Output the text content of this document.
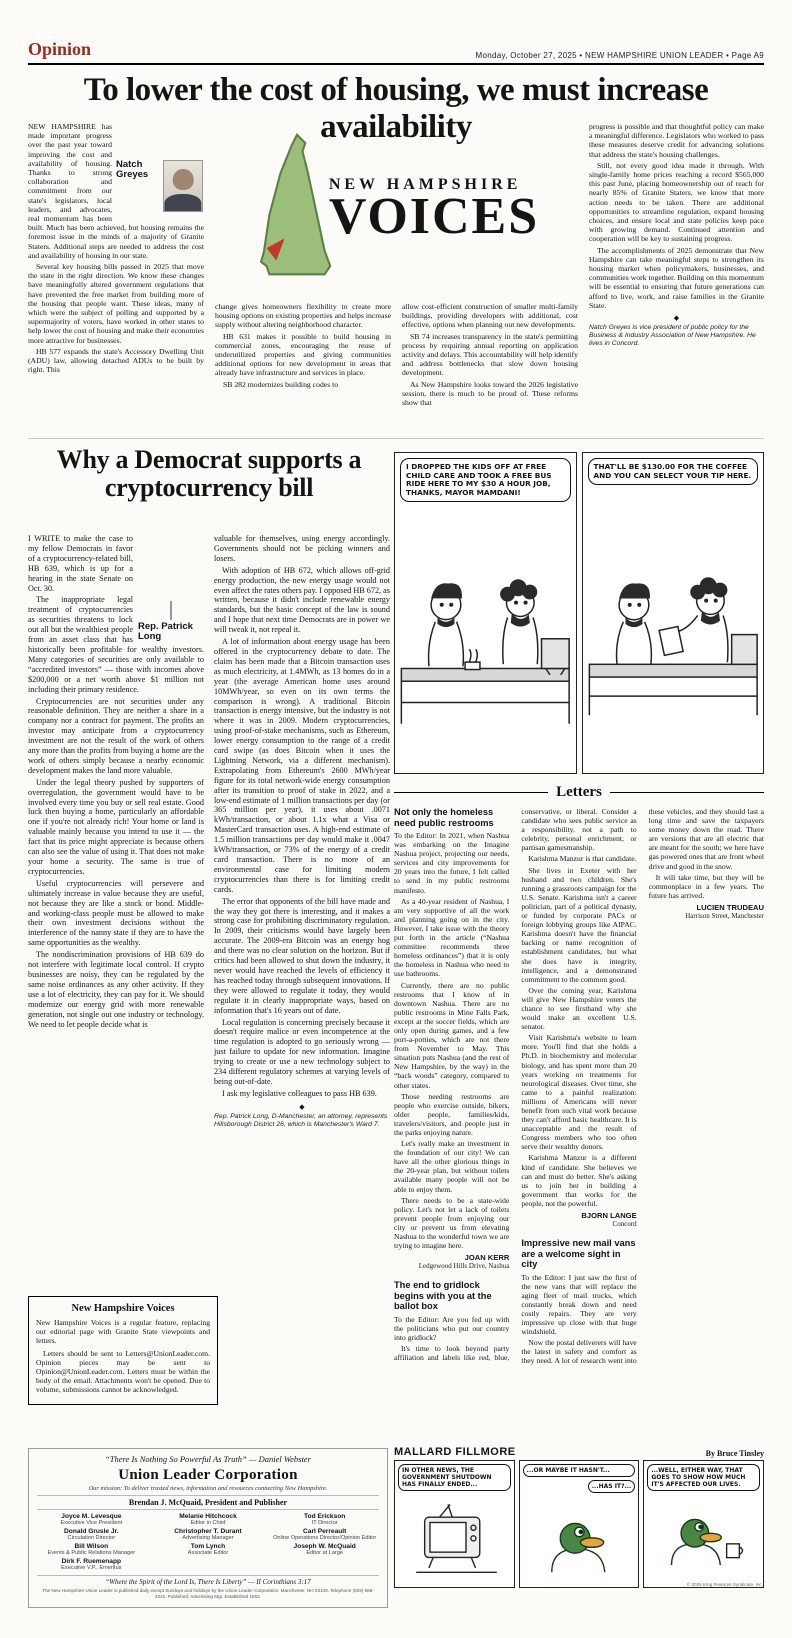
Opinion	Monday, October 27, 2025 • NEW HAMPSHIRE UNION LEADER • Page A9
To lower the cost of housing, we must increase availability
Natch Greyes

NEW HAMPSHIRE has made important progress over the past year toward improving the cost and availability of housing. Thanks to strong collaboration and commitment from our state's legislators, local leaders, and advocates, real momentum has been built. Much has been achieved, but housing remains the foremost issue in the minds of a majority of Granite Staters. Additional steps are needed to address the cost and availability of housing in our state.

Several key housing bills passed in 2025 that move the state in the right direction. We know these changes have meaningfully altered government regulations that have prevented the free market from building more of the housing that people want. These ideas, many of which were the subject of polling and supported by a supermajority of voters, have worked in other states to help lower the cost of housing and make their economies more attractive for businesses.

HB 577 expands the state's Accessory Dwelling Unit (ADU) law, allowing detached ADUs to be built by right. This

NEW HAMPSHIRE
VOICES

change gives homeowners flexibility to create more housing options on existing properties and helps increase supply without altering neighborhood character.

HB 631 makes it possible to build housing in commercial zones, encouraging the reuse of underutilized properties and giving communities additional options for new development in areas that already have infrastructure and services in place.

SB 282 modernizes building codes to

allow cost-efficient construction of smaller multi-family buildings, providing developers with additional, cost effective, options when planning out new developments.

SB 74 increases transparency in the state's permitting process by requiring annual reporting on application activity and delays. This accountability will help identify and address bottlenecks that slow down housing development.

As New Hampshire looks toward the 2026 legislative session, there is much to be proud of. These reforms show that

progress is possible and that thoughtful policy can make a meaningful difference. Legislators who worked to pass these measures deserve credit for advancing solutions that address the state's housing challenges.

Still, not every good idea made it through. With single-family home prices reaching a record $565,000 this past June, placing homeownership out of reach for nearly 85% of Granite Staters, we know that more action needs to be taken. There are additional opportunities to streamline regulation, expand housing choices, and ensure local and state policies keep pace with growing demand. Continued attention and cooperation will be key to sustaining progress.

The accomplishments of 2025 demonstrate that New Hampshire can take meaningful steps to strengthen its housing market when policymakers, businesses, and communities work together. Building on this momentum will be essential to ensuring that future generations can afford to live, work, and raise families in the Granite State.

◆
Natch Greyes is vice president of public policy for the Business & Industry Association of New Hampshire. He lives in Concord.
Why a Democrat supports a cryptocurrency bill
Rep. Patrick Long

I WRITE to make the case to my fellow Democrats in favor of a cryptocurrency-related bill, HB 639, which is up for a hearing in the state Senate on Oct. 30.

The inappropriate legal treatment of cryptocurrencies as securities threatens to lock out all but the wealthiest people from an asset class that has historically been profitable for wealthy investors. Many categories of securities are only available to “accredited investors” — those with incomes above $200,000 or a net worth above $1 million not including their primary residence.

Cryptocurrencies are not securities under any reasonable definition. They are neither a share in a company nor a contract for payment. The profits an investor may anticipate from a cryptocurrency investment are not the result of the work of others any more than the profits from buying a home are the work of others simply because a nearby economic development makes the land more valuable.

Under the legal theory pushed by supporters of overregulation, the government would have to be involved every time you buy or sell real estate. Good luck then buying a home, particularly an affordable one if you're not already rich! Your home or land is valuable mainly because you intend to use it — the fact that its price might appreciate is because others can also see the value of using it. That does not make your home a security. The same is true of cryptocurrencies.

Useful cryptocurrencies will persevere and ultimately increase in value because they are useful, not because they are like a stock or bond. Middle- and working-class people must be allowed to make their own investment decisions without the interference of the nanny state if they are to have the same opportunities as the wealthy.

The nondiscrimination provisions of HB 639 do not interfere with legitimate local control. If crypto businesses are noisy, they can be regulated by the same noise ordinances as any other activity. If they use a lot of electricity, they can pay for it. We should modernize our energy grid with more renewable generation, not single out one industry or technology. We need to let people decide what is

valuable for themselves, using energy accordingly. Governments should not be picking winners and losers.

With adoption of HB 672, which allows off-grid energy production, the new energy usage would not even affect the rates others pay. I opposed HB 672, as written, because it didn't include renewable energy standards, but the basic concept of the law is sound and I hope that next time Democrats are in power we will tweak it, not repeal it.

A lot of information about energy usage has been offered in the cryptocurrency debate to date. The claim has been made that a Bitcoin transaction uses as much electricity, at 1.4MWh, as 13 homes do in a year (the average American home uses around 10MWh/year, so even on its own terms the comparison is wrong). A traditional Bitcoin transaction is energy intensive, but the industry is not where it was in 2009. Modern cryptocurrencies, using proof-of-stake mechanisms, such as Ethereum, lower energy consumption to the range of a credit card swipe (as does Bitcoin when it uses the Lightning Network, via a different mechanism). Extrapolating from Ethereum's 2600 MWh/year figure for its total network-wide energy consumption after its transition to proof of stake in 2022, and a low-end estimate of 1 million transactions per day (or 365 million per year), it uses about .0071 kWh/transaction, or about 1.1x what a Visa or MasterCard transaction uses. A high-end estimate of 1.5 million transactions per day would make it .0047 kWh/transaction, or 73% of the energy of a credit card transaction. There is no more of an environmental case for limiting modern cryptocurrencies than there is for limiting credit cards.

The error that opponents of the bill have made and the way they got there is interesting, and it makes a strong case for prohibiting discriminatory regulation. In 2009, their criticisms would have largely been accurate. The 2009-era Bitcoin was an energy hog and there was no clear solution on the horizon. But if critics had been allowed to shut down the industry, it never would have reached the levels of efficiency it has reached today through subsequent innovations. If they were allowed to regulate it today, they would regulate it in clearly inappropriate ways, based on information that's 16 years out of date.

Local regulation is concerning precisely because it doesn't require malice or even incompetence at the time regulation is adopted to go seriously wrong — just failure to update for new information. Imagine trying to create or use a new technology subject to 234 different regulatory schemes at varying levels of being out-of-date.

I ask my legislative colleagues to pass HB 639.

◆
Rep. Patrick Long, D-Manchester, an attorney, represents Hillsborough District 26, which is Manchester's Ward 7.
New Hampshire Voices

New Hampshire Voices is a regular feature, replacing our editorial page with Granite State viewpoints and letters.

Letters should be sent to Letters@UnionLeader.com. Opinion pieces may be sent to Opinion@UnionLeader.com. Letters must be within the body of the email. Attachments won't be opened. Due to volume, submissions cannot be acknowledged.

I DROPPED THE KIDS OFF AT FREE CHILD CARE AND TOOK A FREE BUS RIDE HERE TO MY $30 A HOUR JOB, THANKS, MAYOR MAMDANI!
THAT'LL BE $130.00 FOR THE COFFEE AND YOU CAN SELECT YOUR TIP HERE.
Letters
Not only the homeless need public restrooms

To the Editor: In 2021, when Nashua was embarking on the Imagine Nashua project, projecting our needs, services and city improvements for 20 years into the future, I felt called to send in my public restrooms manifesto.

As a 40-year resident of Nashua, I am very supportive of all the work and planning going on in the city. However, I take issue with the theory put forth in the article (“Nashua committee recommends three homeless ordinances”) that it is only the homeless in Nashua who need to use bathrooms.

Currently, there are no public restrooms that I know of in downtown Nashua. There are no public restrooms in Mine Falls Park, except at the soccer fields, which are only open during games, and a few port-a-potties, which are not there from November to May. This situation puts Nashua (and the rest of New Hampshire, by the way) in the “back woods” category, compared to other states.

Those needing restrooms are people who exercise outside, bikers, older people, families/kids, travelers/visitors, and people just in the parks enjoying nature.

Let's really make an investment in the foundation of our city! We can have all the other glorious things in the 20-year plan, but without toilets available many people will not be able to enjoy them.

There needs to be a state-wide policy. Let's not let a lack of toilets prevent people from enjoying our city or prevent us from elevating Nashua to the wonderful town we are trying to imagine here.

JOAN KERR
Ledgewood Hills Drive, Nashua
The end to gridlock begins with you at the ballot box

To the Editor: Are you fed up with the politicians who put our country into gridlock?

It's time to look beyond party affiliation and labels like red, blue, conservative, or liberal. Consider a candidate who sees public service as a responsibility, not a path to celebrity, personal enrichment, or partisan gamesmanship.

Karishma Manzur is that candidate.

She lives in Exeter with her husband and two children. She's running a grassroots campaign for the U.S. Senate. Karishma isn't a career politician, part of a political dynasty, or funded by corporate PACs or foreign lobbying groups like AIPAC. Karishma doesn't have the financial backing or name recognition of establishment candidates, but what she does have is integrity, intelligence, and a demonstrated commitment to the common good.

Over the coming year, Karishma will give New Hampshire voters the chance to see firsthand why she would make an excellent U.S. senator.

Visit Karishma's website to learn more. You'll find that she holds a Ph.D. in biochemistry and molecular biology, and has spent more than 20 years working on treatments for neurological diseases. Over time, she came to a painful realization: millions of Americans will never benefit from such vital work because they can't afford basic healthcare. It is unacceptable and the result of Congress members who too often serve their wealthy donors.

Karishma Manzur is a different kind of candidate. She believes we can and must do better. She's asking us to join her in building a government that works for the people, not the powerful.

BJORN LANGE
Concord
Impressive new mail vans are a welcome sight in city

To the Editor: I just saw the first of the new vans that will replace the aging fleet of mail trucks, which constantly break down and need costly repairs. They are very impressive up close with that huge windshield.

Now the postal deliverers will have the latest in safety and comfort as they need. A lot of research went into these vehicles, and they should last a long time and save the taxpayers some money down the road. There are versions that are all electric that are meant for the south; we here have gas powered ones that are front wheel drive and good in the snow.

It will take time, but they will be commonplace in a few years. The future has arrived.

LUCIEN TRUDEAU
Harrison Street, Manchester
“There Is Nothing So Powerful As Truth” — Daniel Webster
Union Leader Corporation
Our mission: To deliver trusted news, information and resources connecting New Hampshire.
Brendan J. McQuaid, President and Publisher
Joyce M. Levesque
Executive Vice President
Donald Grusle Jr.
Circulation Director
Bill Wilson
Events & Public Relations Manager
Dirk F. Ruemenapp
Executive V.P., Emeritus
Melanie Hitchcock
Editor in Chief
Christopher T. Durant
Advertising Manager
Tom Lynch
Associate Editor
Tod Erickson
IT Director
Carl Perreault
Online Operations Director/Opinion Editor
Joseph W. McQuaid
Editor at Large
“Where the Spirit of the Lord Is, There Is Liberty” — II Corinthians 3:17
The New Hampshire Union Leader is published daily except Sundays and holidays by the Union Leader Corporation, Manchester, NH 03108. Telephone (603) 668-4321. Published: Advertising Mgr, Established 1863.
MALLARD FILLMORE	By Bruce Tinsley
IN OTHER NEWS, THE GOVERNMENT SHUTDOWN HAS FINALLY ENDED...
...OR MAYBE IT HASN'T...
...HAS IT?...
...WELL, EITHER WAY, THAT GOES TO SHOW HOW MUCH IT'S AFFECTED OUR LIVES.
© 2025 King Features Syndicate, Inc.
